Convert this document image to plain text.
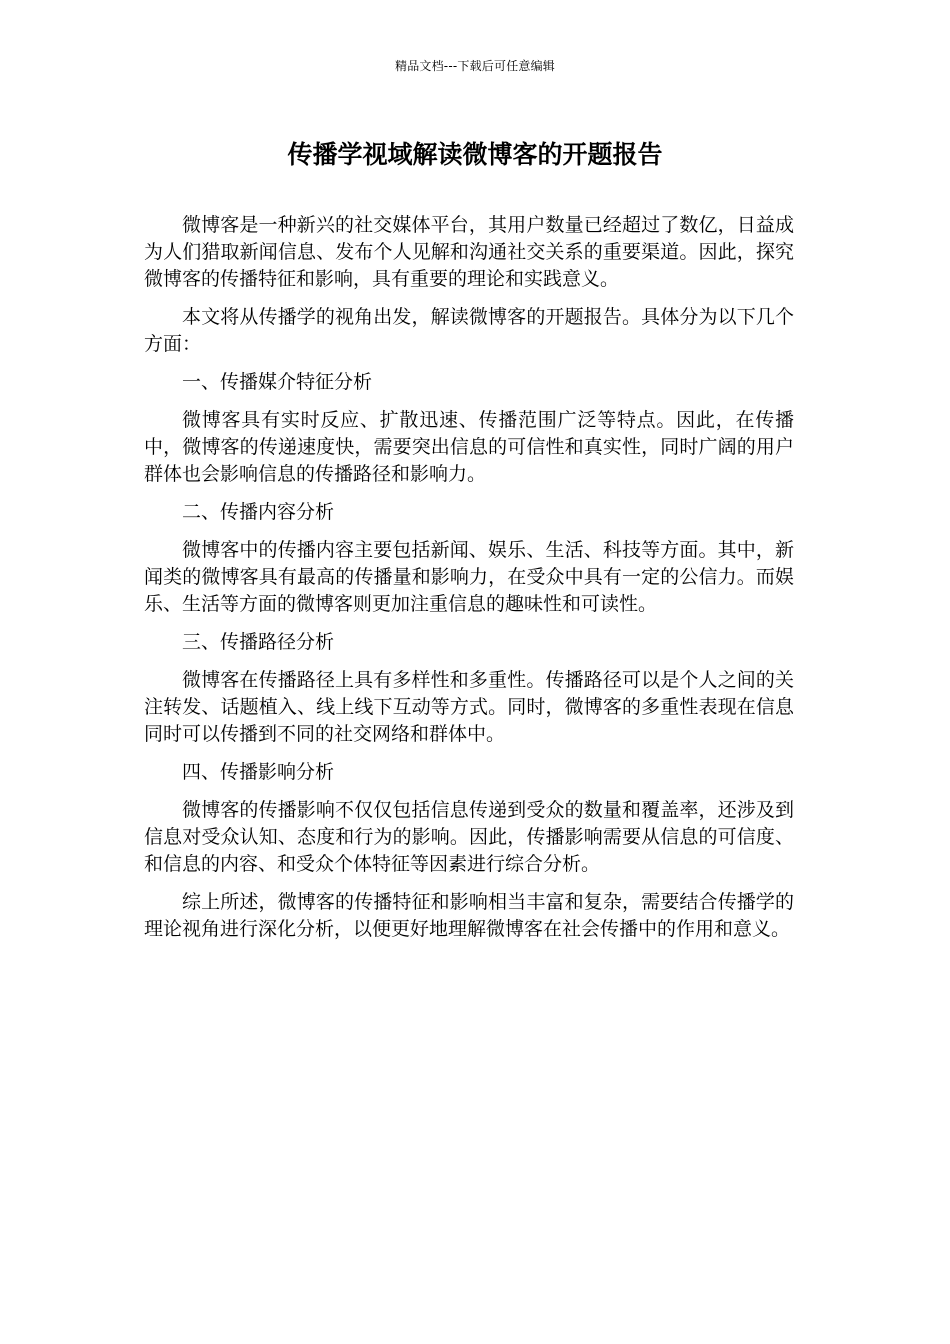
精品文档---下载后可任意编辑
传播学视域解读微博客的开题报告

微博客是一种新兴的社交媒体平台，其用户数量已经超过了数亿，日益成为人们猎取新闻信息、发布个人见解和沟通社交关系的重要渠道。因此，探究微博客的传播特征和影响，具有重要的理论和实践意义。

本文将从传播学的视角出发，解读微博客的开题报告。具体分为以下几个方面：

一、传播媒介特征分析

微博客具有实时反应、扩散迅速、传播范围广泛等特点。因此，在传播中，微博客的传递速度快，需要突出信息的可信性和真实性，同时广阔的用户群体也会影响信息的传播路径和影响力。

二、传播内容分析

微博客中的传播内容主要包括新闻、娱乐、生活、科技等方面。其中，新闻类的微博客具有最高的传播量和影响力，在受众中具有一定的公信力。而娱乐、生活等方面的微博客则更加注重信息的趣味性和可读性。

三、传播路径分析

微博客在传播路径上具有多样性和多重性。传播路径可以是个人之间的关注转发、话题植入、线上线下互动等方式。同时，微博客的多重性表现在信息同时可以传播到不同的社交网络和群体中。

四、传播影响分析

微博客的传播影响不仅仅包括信息传递到受众的数量和覆盖率，还涉及到信息对受众认知、态度和行为的影响。因此，传播影响需要从信息的可信度、和信息的内容、和受众个体特征等因素进行综合分析。

综上所述，微博客的传播特征和影响相当丰富和复杂，需要结合传播学的理论视角进行深化分析，以便更好地理解微博客在社会传播中的作用和意义。
